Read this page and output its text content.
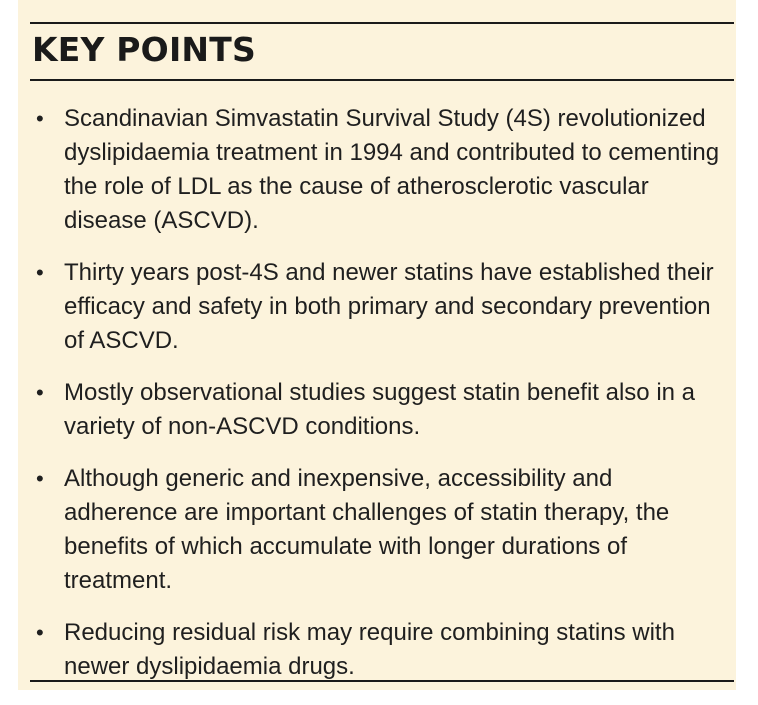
KEY POINTS
• Scandinavian Simvastatin Survival Study (4S) revolutionized dyslipidaemia treatment in 1994 and contributed to cementing the role of LDL as the cause of atherosclerotic vascular disease (ASCVD).
• Thirty years post-4S and newer statins have established their efficacy and safety in both primary and secondary prevention of ASCVD.
• Mostly observational studies suggest statin benefit also in a variety of non-ASCVD conditions.
• Although generic and inexpensive, accessibility and adherence are important challenges of statin therapy, the benefits of which accumulate with longer durations of treatment.
• Reducing residual risk may require combining statins with newer dyslipidaemia drugs.
